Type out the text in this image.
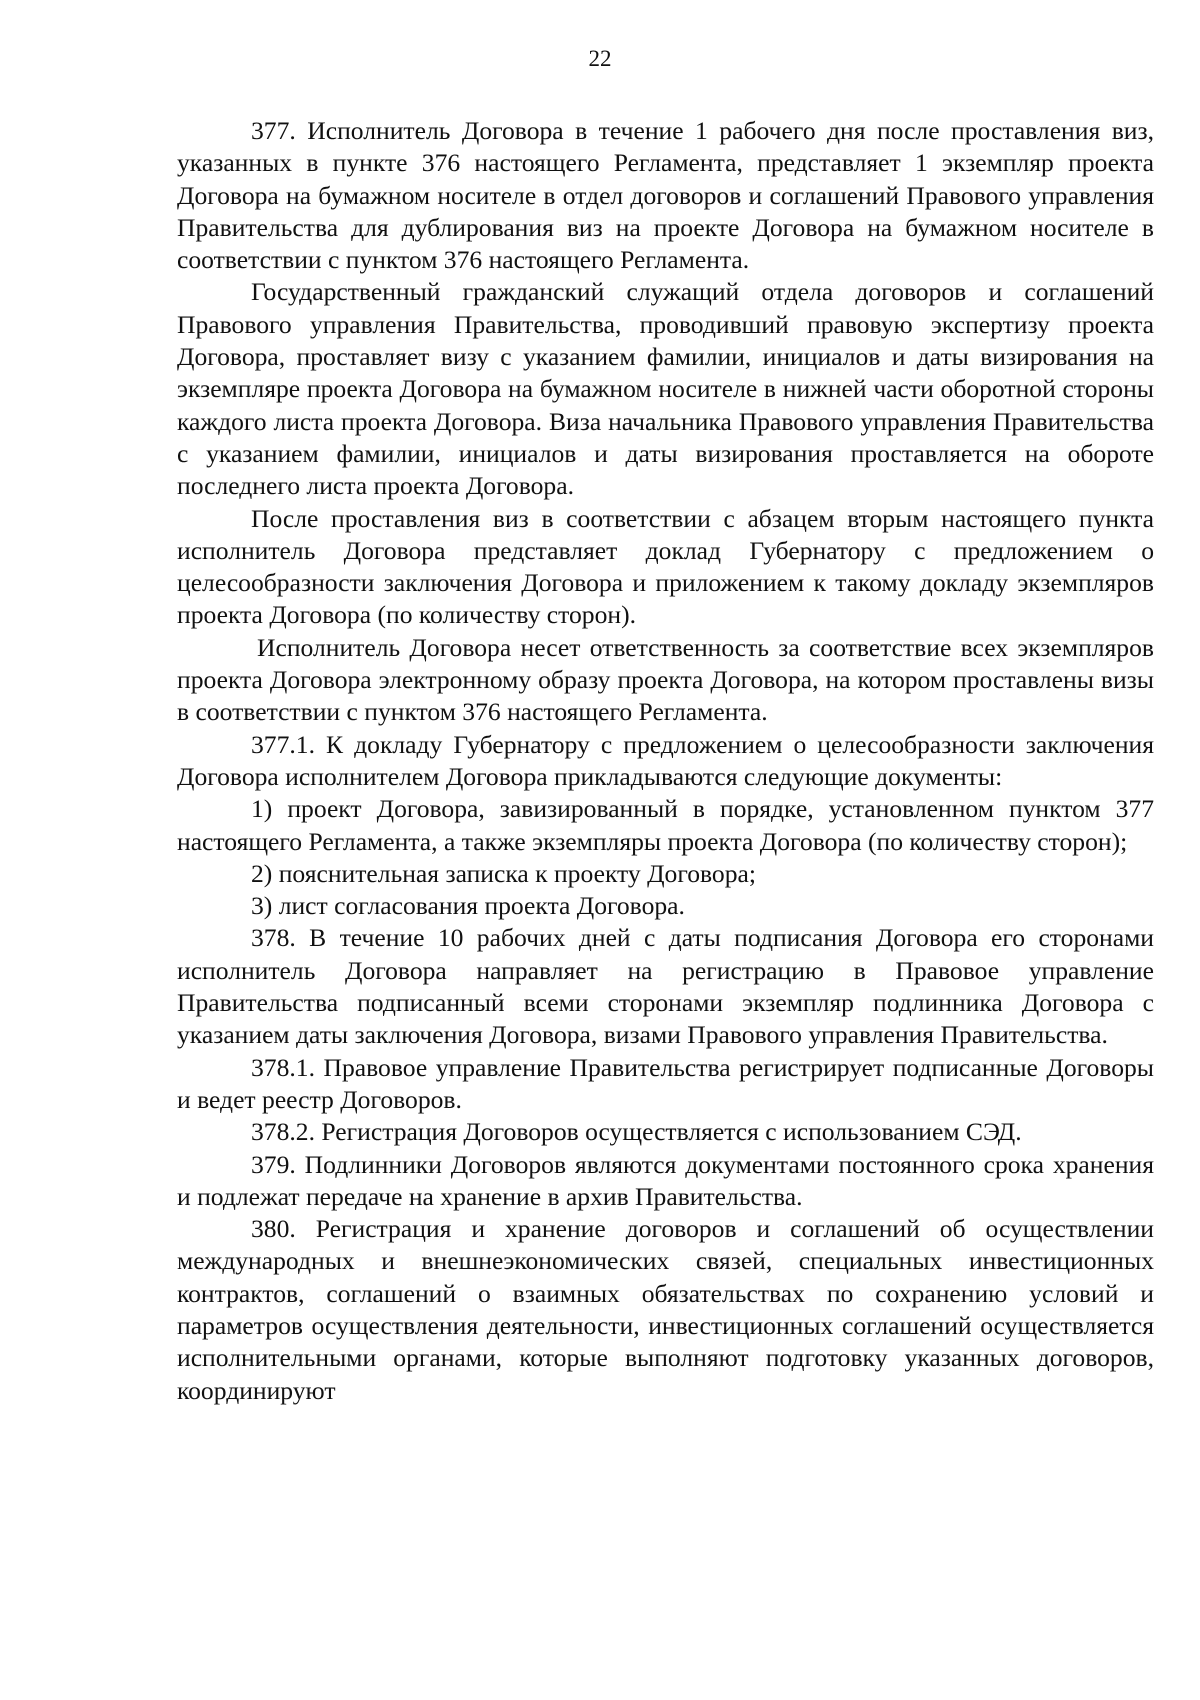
22

377. Исполнитель Договора в течение 1 рабочего дня после проставления виз, указанных в пункте 376 настоящего Регламента, представляет 1 экземпляр проекта Договора на бумажном носителе в отдел договоров и соглашений Правового управления Правительства для дублирования виз на проекте Договора на бумажном носителе в соответствии с пунктом 376 настоящего Регламента.

Государственный гражданский служащий отдела договоров и соглашений Правового управления Правительства, проводивший правовую экспертизу проекта Договора, проставляет визу с указанием фамилии, инициалов и даты визирования на экземпляре проекта Договора на бумажном носителе в нижней части оборотной стороны каждого листа проекта Договора. Виза начальника Правового управления Правительства с указанием фамилии, инициалов и даты визирования проставляется на обороте последнего листа проекта Договора.

После проставления виз в соответствии с абзацем вторым настоящего пункта исполнитель Договора представляет доклад Губернатору с предложением о целесообразности заключения Договора и приложением к такому докладу экземпляров проекта Договора (по количеству сторон).

Исполнитель Договора несет ответственность за соответствие всех экземпляров проекта Договора электронному образу проекта Договора, на котором проставлены визы в соответствии с пунктом 376 настоящего Регламента.

377.1. К докладу Губернатору с предложением о целесообразности заключения Договора исполнителем Договора прикладываются следующие документы:

1) проект Договора, завизированный в порядке, установленном пунктом 377 настоящего Регламента, а также экземпляры проекта Договора (по количеству сторон);

2) пояснительная записка к проекту Договора;

3) лист согласования проекта Договора.

378. В течение 10 рабочих дней с даты подписания Договора его сторонами исполнитель Договора направляет на регистрацию в Правовое управление Правительства подписанный всеми сторонами экземпляр подлинника Договора с указанием даты заключения Договора, визами Правового управления Правительства.

378.1. Правовое управление Правительства регистрирует подписанные Договоры и ведет реестр Договоров.

378.2. Регистрация Договоров осуществляется с использованием СЭД.

379. Подлинники Договоров являются документами постоянного срока хранения и подлежат передаче на хранение в архив Правительства.

380. Регистрация и хранение договоров и соглашений об осуществлении международных и внешнеэкономических связей, специальных инвестиционных контрактов, соглашений о взаимных обязательствах по сохранению условий и параметров осуществления деятельности, инвестиционных соглашений осуществляется исполнительными органами, которые выполняют подготовку указанных договоров, координируют
